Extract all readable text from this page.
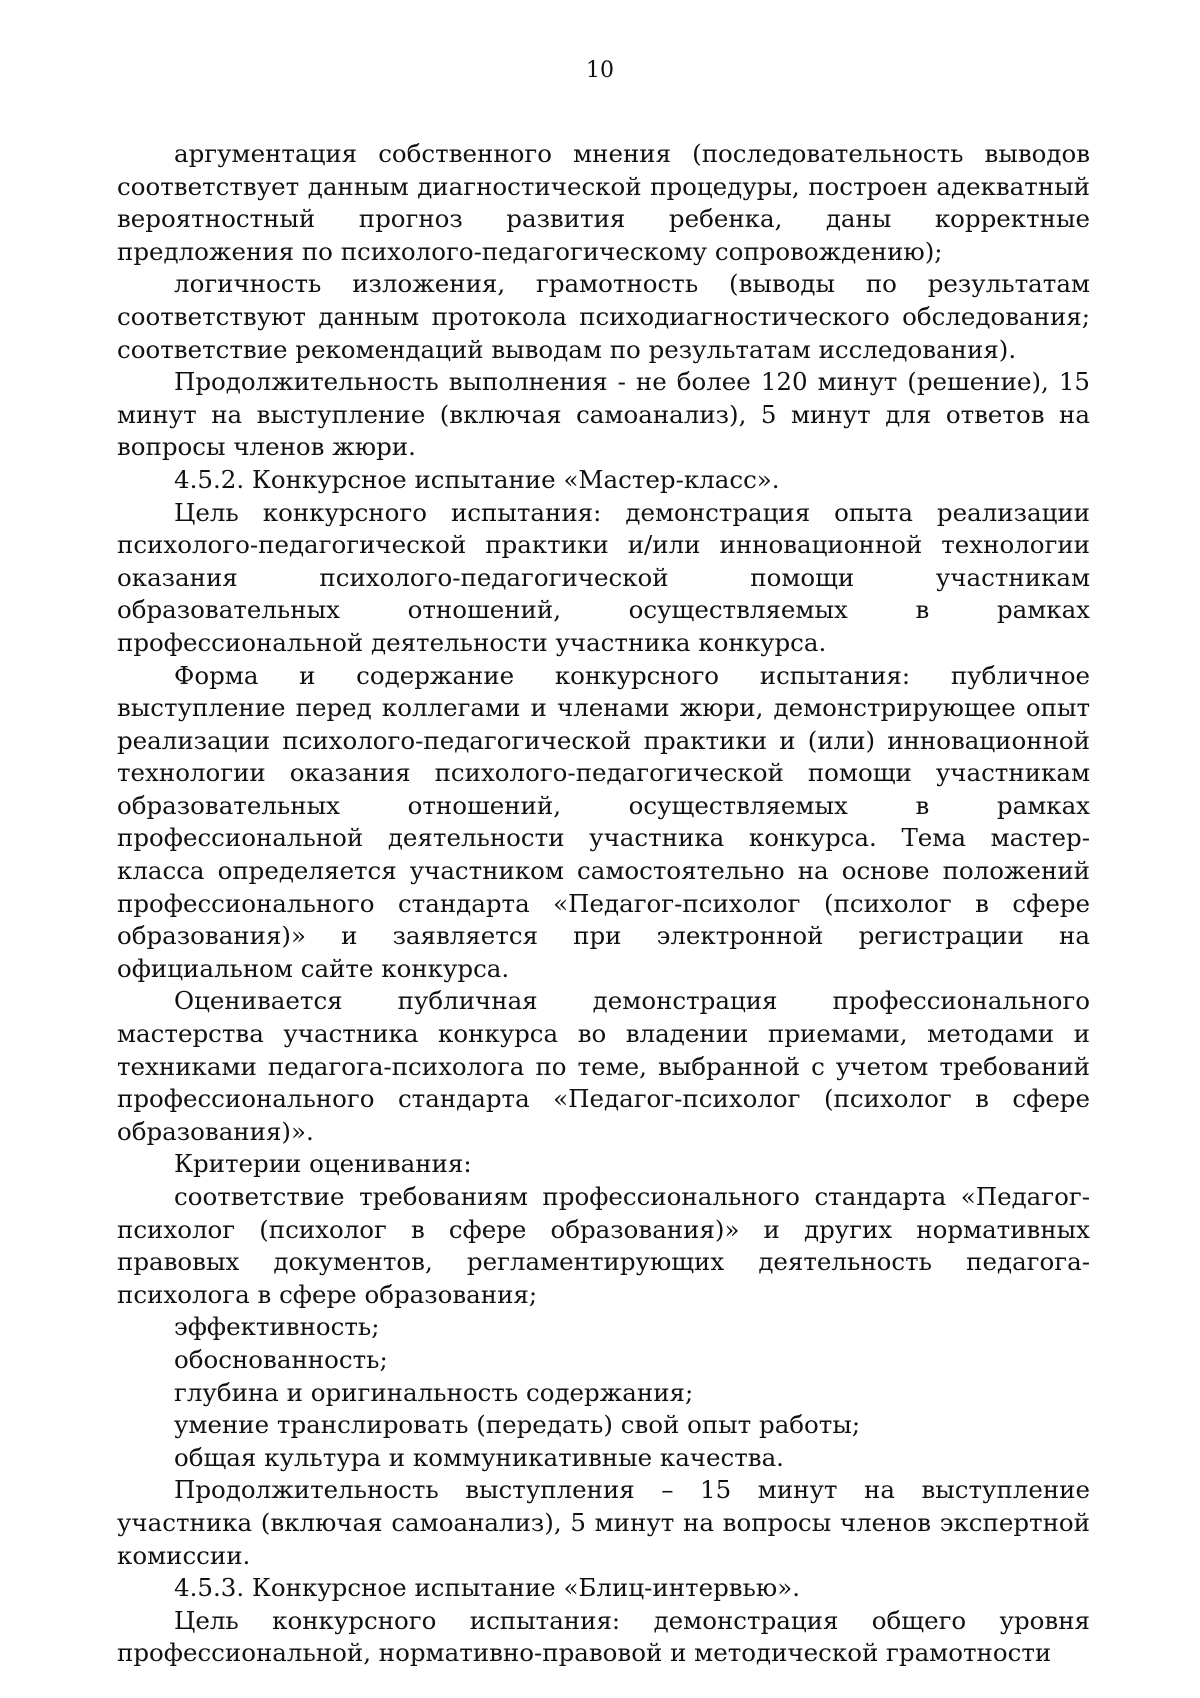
10

аргументация собственного мнения (последовательность выводов соответствует данным диагностической процедуры, построен адекватный вероятностный прогноз развития ребенка, даны корректные предложения по психолого-педагогическому сопровождению);

логичность изложения, грамотность (выводы по результатам соответствуют данным протокола психодиагностического обследования; соответствие рекомендаций выводам по результатам исследования).

Продолжительность выполнения - не более 120 минут (решение), 15 минут на выступление (включая самоанализ), 5 минут для ответов на вопросы членов жюри.

4.5.2. Конкурсное испытание «Мастер-класс».

Цель конкурсного испытания: демонстрация опыта реализации психолого-педагогической практики и/или инновационной технологии оказания психолого-педагогической помощи участникам образовательных отношений, осуществляемых в рамках профессиональной деятельности участника конкурса.

Форма и содержание конкурсного испытания: публичное выступление перед коллегами и членами жюри, демонстрирующее опыт реализации психолого-педагогической практики и (или) инновационной технологии оказания психолого-педагогической помощи участникам образовательных отношений, осуществляемых в рамках профессиональной деятельности участника конкурса. Тема мастер-класса определяется участником самостоятельно на основе положений профессионального стандарта «Педагог-психолог (психолог в сфере образования)» и заявляется при электронной регистрации на официальном сайте конкурса.

Оценивается публичная демонстрация профессионального мастерства участника конкурса во владении приемами, методами и техниками педагога-психолога по теме, выбранной с учетом требований профессионального стандарта «Педагог-психолог (психолог в сфере образования)».

Критерии оценивания:

соответствие требованиям профессионального стандарта «Педагог-психолог (психолог в сфере образования)» и других нормативных правовых документов, регламентирующих деятельность педагога-психолога в сфере образования;

эффективность;

обоснованность;

глубина и оригинальность содержания;

умение транслировать (передать) свой опыт работы;

общая культура и коммуникативные качества.

Продолжительность выступления – 15 минут на выступление участника (включая самоанализ), 5 минут на вопросы членов экспертной комиссии.

4.5.3. Конкурсное испытание «Блиц-интервью».

Цель конкурсного испытания: демонстрация общего уровня профессиональной, нормативно-правовой и методической грамотности
